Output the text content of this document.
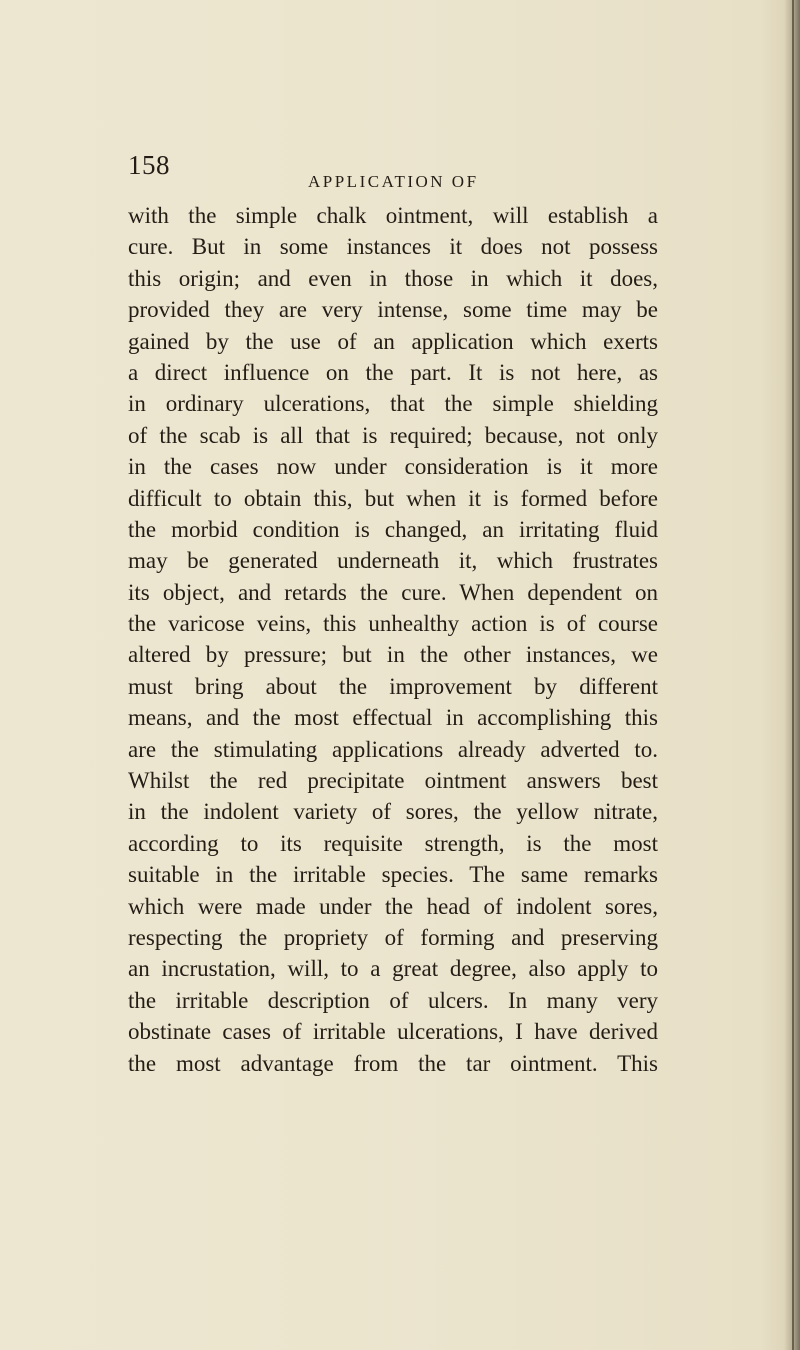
158
APPLICATION OF
with the simple chalk ointment, will establish a
cure. But in some instances it does not possess
this origin; and even in those in which it does,
provided they are very intense, some time may be
gained by the use of an application which exerts
a direct influence on the part. It is not here, as
in ordinary ulcerations, that the simple shielding
of the scab is all that is required; because, not only
in the cases now under consideration is it more
difficult to obtain this, but when it is formed before
the morbid condition is changed, an irritating fluid
may be generated underneath it, which frustrates
its object, and retards the cure. When dependent on
the varicose veins, this unhealthy action is of course
altered by pressure; but in the other instances, we
must bring about the improvement by different
means, and the most effectual in accomplishing this
are the stimulating applications already adverted to.
Whilst the red precipitate ointment answers best
in the indolent variety of sores, the yellow nitrate,
according to its requisite strength, is the most
suitable in the irritable species. The same remarks
which were made under the head of indolent sores,
respecting the propriety of forming and preserving
an incrustation, will, to a great degree, also apply to
the irritable description of ulcers. In many very
obstinate cases of irritable ulcerations, I have derived
the most advantage from the tar ointment. This
